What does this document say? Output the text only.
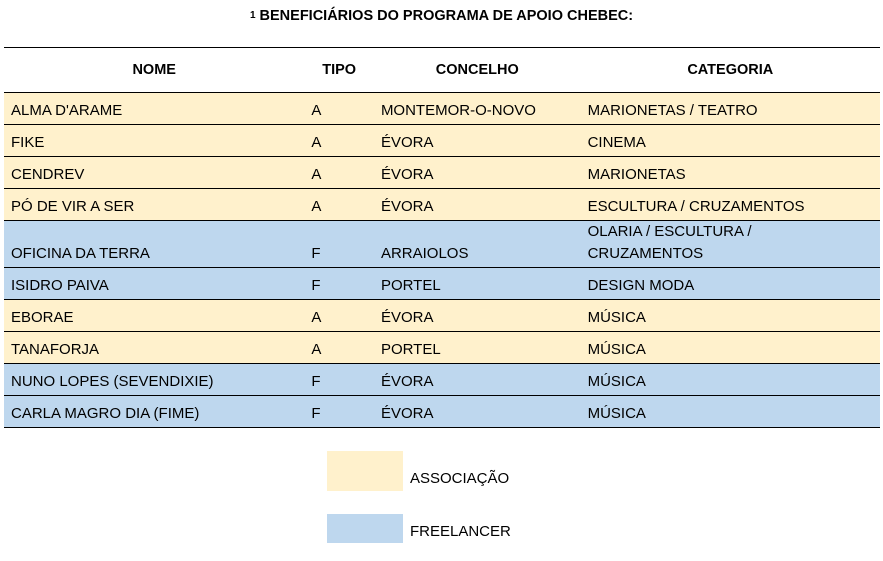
$^1$ BENEFICIÁRIOS DO PROGRAMA DE APOIO CHEBEC:
NOME	TIPO	CONCELHO	CATEGORIA
ALMA D'ARAME	A	MONTEMOR-O-NOVO	MARIONETAS / TEATRO
FIKE	A	ÉVORA	CINEMA
CENDREV	A	ÉVORA	MARIONETAS
PÓ DE VIR A SER	A	ÉVORA	ESCULTURA / CRUZAMENTOS
OFICINA DA TERRA	F	ARRAIOLOS	OLARIA / ESCULTURA / CRUZAMENTOS
ISIDRO PAIVA	F	PORTEL	DESIGN MODA
EBORAE	A	ÉVORA	MÚSICA
TANAFORJA	A	PORTEL	MÚSICA
NUNO LOPES (SEVENDIXIE)	F	ÉVORA	MÚSICA
CARLA MAGRO DIA (FIME)	F	ÉVORA	MÚSICA
ASSOCIAÇÃO
FREELANCER
